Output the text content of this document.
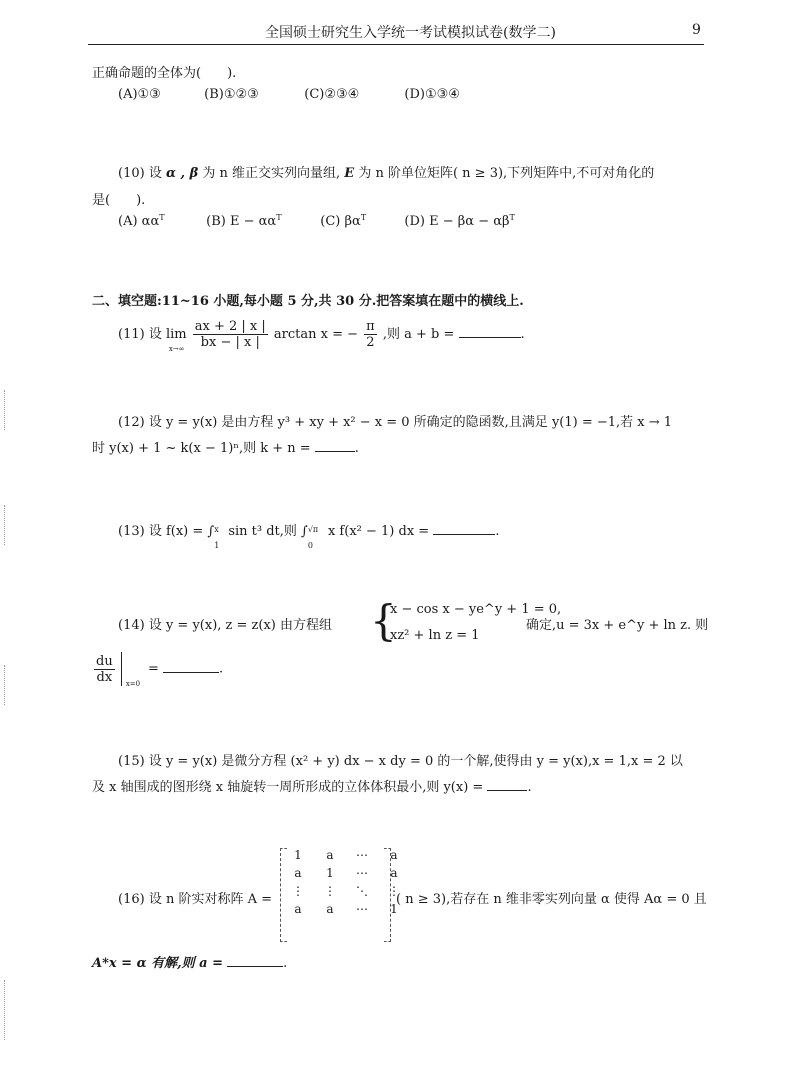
全国硕士研究生入学统一考试模拟试卷(数学二)	9
正确命题的全体为(  ).
(A)①③	(B)①②③	(C)②③④	(D)①③④
(10) 设 α , β 为 n 维正交实列向量组, E 为 n 阶单位矩阵( n ≥ 3),下列矩阵中,不可对角化的
是(  ).
(A) $\alpha\alpha^T$	(B) $E - \alpha\alpha^T$	(C) $\beta\alpha^T$	(D) $E - \beta\alpha - \alpha\beta^T$
二、填空题:11~16 小题,每小题 5 分,共 30 分.把答案填在题中的横线上.
(11) 设 lim
x→∞
$\frac{ax + 2 | x |}{bx - | x |}$ arctan x = − $\frac{\pi}{2}$ ,则 a + b =	.
(12) 设 y = y(x) 是由方程 y³ + xy + x² − x = 0 所确定的隐函数,且满足 y(1) = −1,若 x → 1
时 y(x) + 1 ~ k(x − 1)ⁿ,则 k + n =	.
(13) 设 f(x) = ∫ x
1
sin t³ dt,则 ∫ √π
0
x f(x² − 1) dx =	.
(14) 设 y = y(x), z = z(x) 由方程组 {
x − cos x − ye^y + 1 = 0,
xz² + ln z = 1
确定,u = 3x + e^y + ln z. 则
$\frac{du}{dx}$
x=0
=	.
(15) 设 y = y(x) 是微分方程 (x² + y) dx − x dy = 0 的一个解,使得由 y = y(x),x = 1,x = 2 以
及 x 轴围成的图形绕 x 轴旋转一周所形成的立体体积最小,则 y(x) =	.
(16) 设 n 阶实对称阵 A =
1	a	⋯	a
a	1	⋯	a
⋮	⋮	⋱	⋮
a	a	⋯	1
( n ≥ 3),若存在 n 维非零实列向量 α 使得 Aα = 0 且
A*x = α 有解,则 a =	.
